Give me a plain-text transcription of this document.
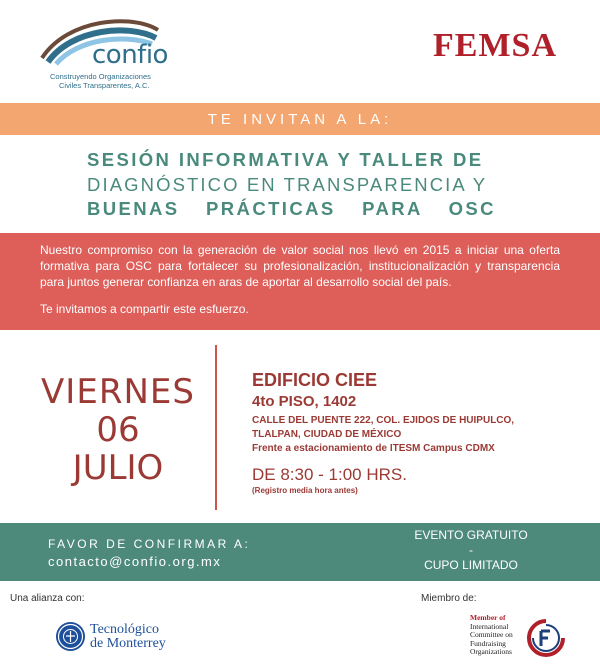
confio
Construyendo Organizaciones
Civiles Transparentes, A.C.
FEMSA
TE INVITAN A LA:
SESIÓN INFORMATIVA Y TALLER DE
DIAGNÓSTICO EN TRANSPARENCIA Y
BUENAS PRÁCTICAS PARA OSC
Nuestro compromiso con la generación de valor social nos llevó en 2015 a iniciar una oferta formativa para OSC para fortalecer su profesionalización, institucionalización y transparencia para juntos generar confianza en aras de aportar al desarrollo social del país.
Te invitamos a compartir este esfuerzo.
VIERNES
06
JULIO
EDIFICIO CIEE
4to PISO, 1402
CALLE DEL PUENTE 222, COL. EJIDOS DE HUIPULCO,
TLALPAN, CIUDAD DE MÉXICO
Frente a estacionamiento de ITESM Campus CDMX
DE 8:30 - 1:00 HRS.
(Registro media hora antes)
FAVOR DE CONFIRMAR A:
contacto@confio.org.mx
EVENTO GRATUITO
-
CUPO LIMITADO
Una alianza con:	Miembro de:
Tecnológico
de Monterrey
Member of
International
Committee on
Fundraising
Organizations
